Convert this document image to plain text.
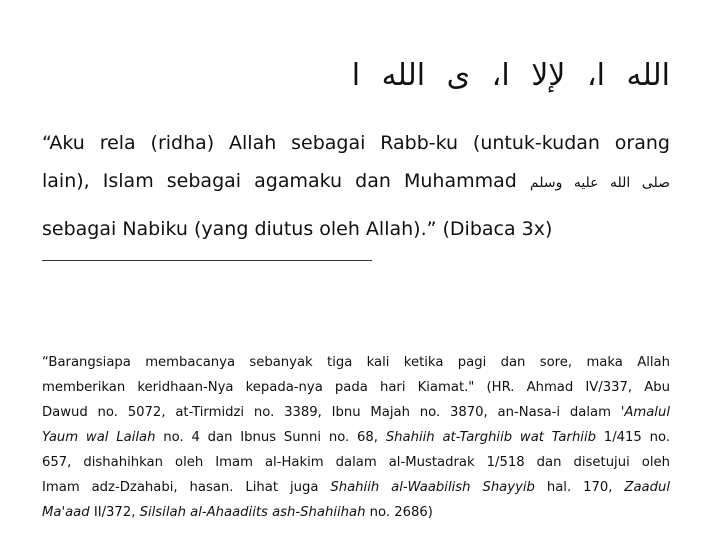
الله ا، لإلا ا، ى الله ا
“Aku rela (ridha) Allah sebagai Rabb-ku (untuk-kudan orang
lain), Islam sebagai agamaku dan Muhammad صلى الله عليه وسلم
sebagai Nabiku (yang diutus oleh Allah).” (Dibaca 3x)
“Barangsiapa membacanya sebanyak tiga kali ketika pagi dan sore, maka Allah
memberikan keridhaan-Nya kepada-nya pada hari Kiamat." (HR. Ahmad IV/337, Abu
Dawud no. 5072, at-Tirmidzi no. 3389, Ibnu Majah no. 3870, an-Nasa-i dalam 'Amalul
Yaum wal Lailah no. 4 dan Ibnus Sunni no. 68, Shahiih at-Targhiib wat Tarhiib 1/415 no.
657, dishahihkan oleh Imam al-Hakim dalam al-Mustadrak 1/518 dan disetujui oleh
Imam adz-Dzahabi, hasan. Lihat juga Shahiih al-Waabilish Shayyib hal. 170, Zaadul
Ma'aad II/372, Silsilah al-Ahaadiits ash-Shahiihah no. 2686)
